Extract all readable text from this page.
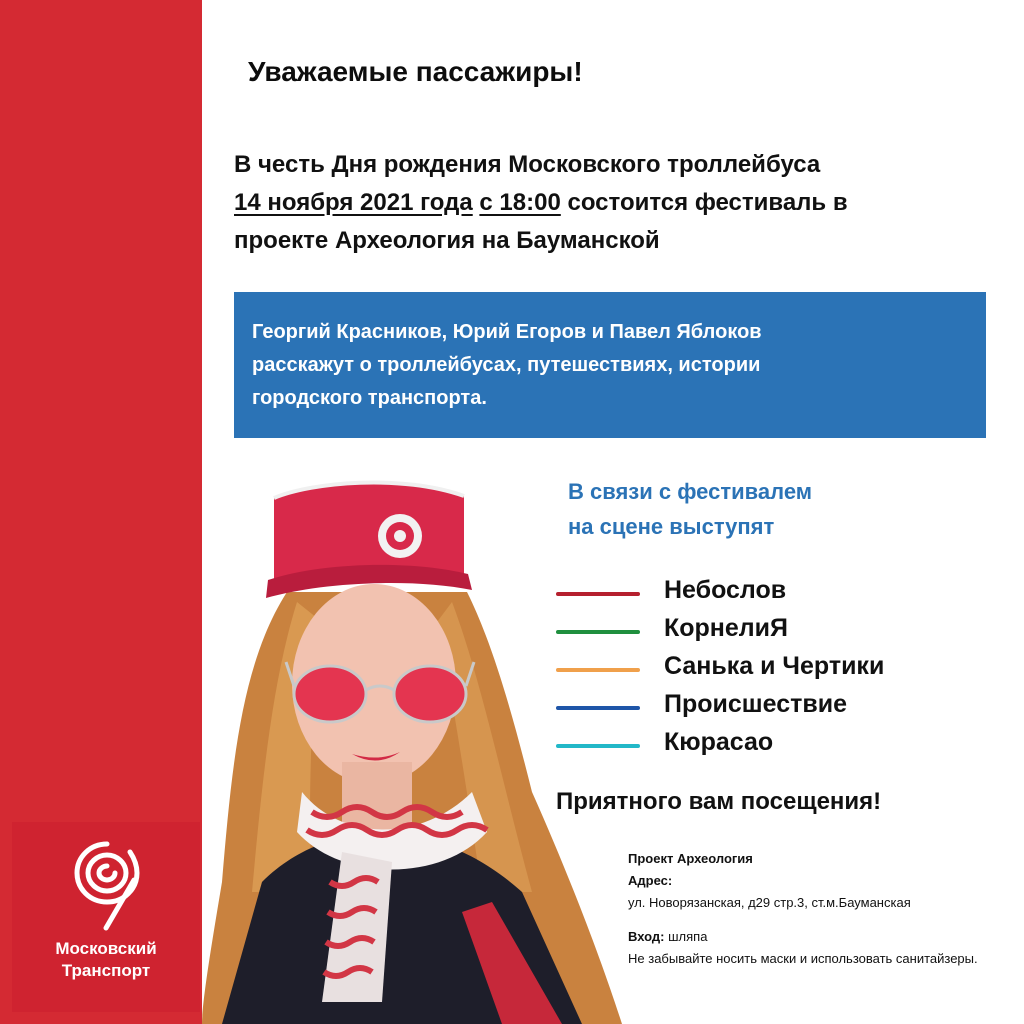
Московский
Транспорт
Уважаемые пассажиры!
В честь Дня рождения Московского троллейбуса
14 ноября 2021 года с 18:00 состоится фестиваль в
проекте Археология на Бауманской

Георгий Красников, Юрий Егоров и Павел Яблоков
расскажут о троллейбусах, путешествиях, истории
городского транспорта.

В связи с фестивалем
на сцене выступят
Небослов
КорнелиЯ
Санька и Чертики
Происшествие
Кюрасао
Приятного вам посещения!
Проект Археология
Адрес:
ул. Новорязанская, д29 стр.3, ст.м.Бауманская
Вход: шляпа
Не забывайте носить маски и использовать санитайзеры.
